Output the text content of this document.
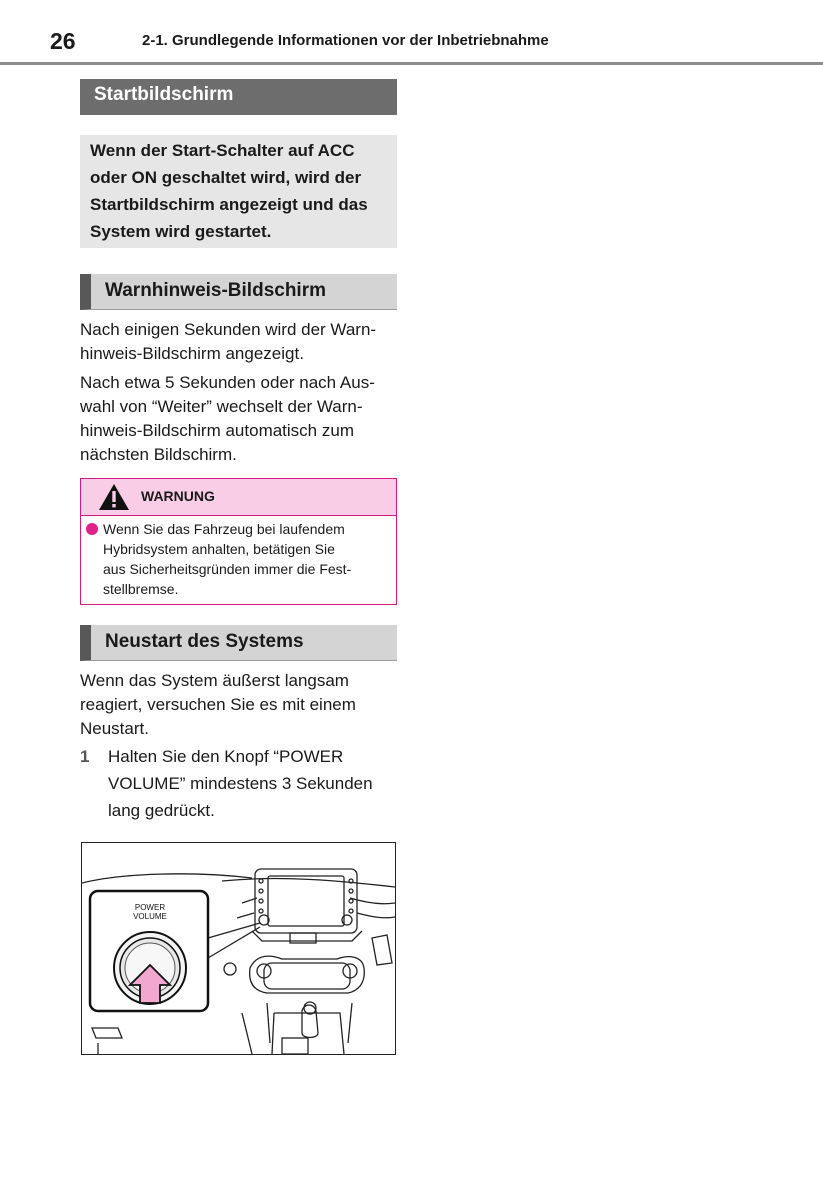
26	2-1. Grundlegende Informationen vor der Inbetriebnahme
Startbildschirm
Wenn der Start-Schalter auf ACC
oder ON geschaltet wird, wird der
Startbildschirm angezeigt und das
System wird gestartet.
Warnhinweis-Bildschirm

Nach einigen Sekunden wird der Warn-
hinweis-Bildschirm angezeigt.

Nach etwa 5 Sekunden oder nach Aus-
wahl von “Weiter” wechselt der Warn-
hinweis-Bildschirm automatisch zum
nächsten Bildschirm.

WARNUNG
Wenn Sie das Fahrzeug bei laufendem
Hybridsystem anhalten, betätigen Sie
aus Sicherheitsgründen immer die Fest-
stellbremse.
Neustart des Systems

Wenn das System äußerst langsam
reagiert, versuchen Sie es mit einem
Neustart.

1 Halten Sie den Knopf “POWER
VOLUME” mindestens 3 Sekunden
lang gedrückt.
POWER
VOLUME
